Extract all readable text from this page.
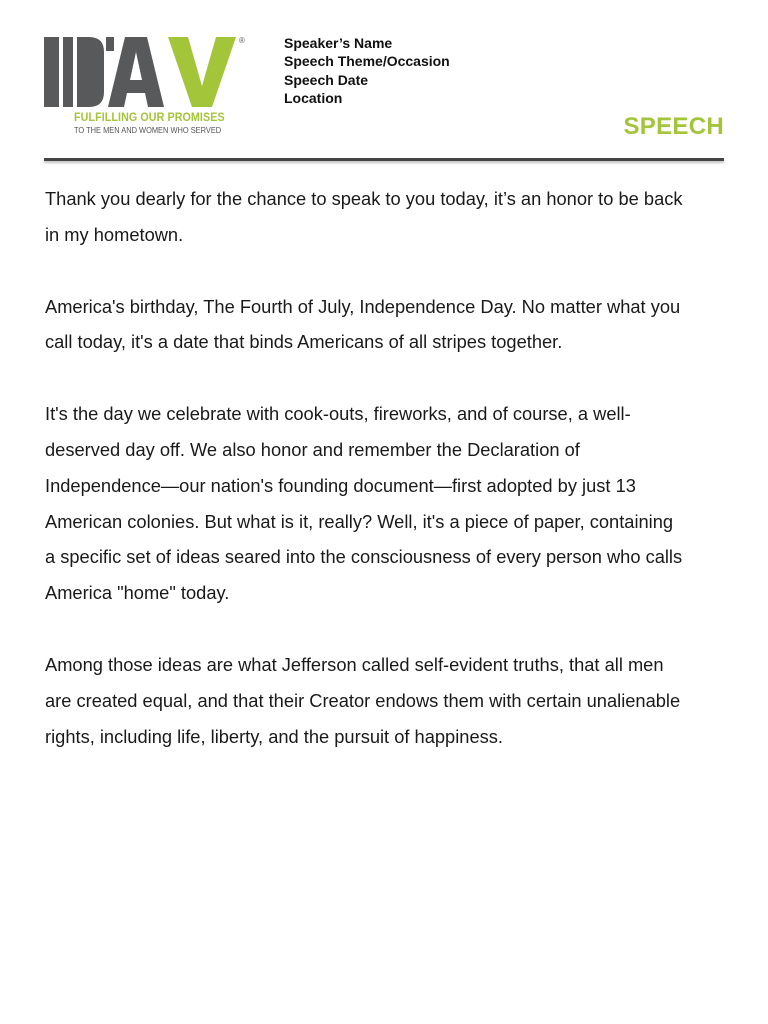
®
FULFILLING OUR PROMISES
TO THE MEN AND WOMEN WHO SERVED
Speaker’s Name
Speech Theme/Occasion
Speech Date
Location
SPEECH

Thank you dearly for the chance to speak to you today, it’s an honor to be back in my hometown.

America's birthday, The Fourth of July, Independence Day. No matter what you call today, it's a date that binds Americans of all stripes together.

It's the day we celebrate with cook-outs, fireworks, and of course, a well-deserved day off. We also honor and remember the Declaration of Independence—our nation's founding document—first adopted by just 13 American colonies. But what is it, really? Well, it's a piece of paper, containing a specific set of ideas seared into the consciousness of every person who calls America "home" today.

Among those ideas are what Jefferson called self-evident truths, that all men are created equal, and that their Creator endows them with certain unalienable rights, including life, liberty, and the pursuit of happiness.
